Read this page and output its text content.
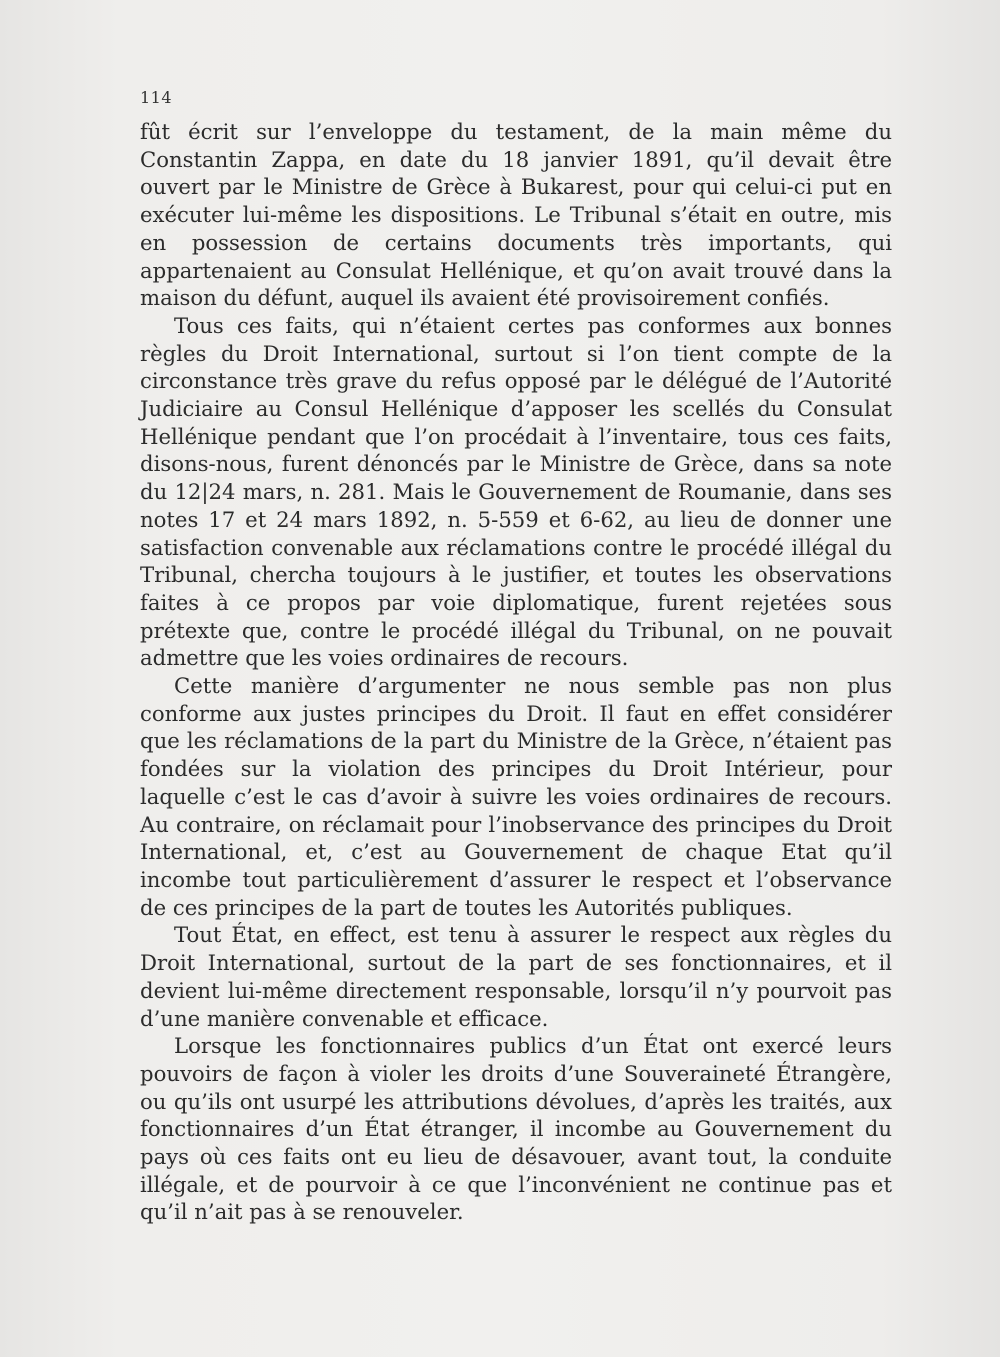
114

fût écrit sur l’enveloppe du testament, de la main même du Constantin Zappa, en date du 18 janvier 1891, qu’il devait être ouvert par le Ministre de Grèce à Bukarest, pour qui celui-ci put en exécuter lui-même les dispositions. Le Tribunal s’était en outre, mis en possession de certains documents très importants, qui appartenaient au Consulat Hellénique, et qu’on avait trouvé dans la maison du défunt, auquel ils avaient été provisoirement confiés.

Tous ces faits, qui n’étaient certes pas conformes aux bonnes règles du Droit International, surtout si l’on tient compte de la circonstance très grave du refus opposé par le délégué de l’Autorité Judiciaire au Consul Hellénique d’apposer les scellés du Consulat Hellénique pendant que l’on procédait à l’inventaire, tous ces faits, disons-nous, furent dénoncés par le Ministre de Grèce, dans sa note du 12|24 mars, n. 281. Mais le Gouvernement de Roumanie, dans ses notes 17 et 24 mars 1892, n. 5-559 et 6-62, au lieu de donner une satisfaction convenable aux réclamations contre le procédé illégal du Tribunal, chercha toujours à le justifier, et toutes les observations faites à ce propos par voie diplomatique, furent rejetées sous prétexte que, contre le procédé illégal du Tribunal, on ne pouvait admettre que les voies ordinaires de recours.

Cette manière d’argumenter ne nous semble pas non plus conforme aux justes principes du Droit. Il faut en effet considérer que les réclamations de la part du Ministre de la Grèce, n’étaient pas fondées sur la violation des principes du Droit Intérieur, pour laquelle c’est le cas d’avoir à suivre les voies ordinaires de recours. Au contraire, on réclamait pour l’inobservance des principes du Droit International, et, c’est au Gouvernement de chaque Etat qu’il incombe tout particulièrement d’assurer le respect et l’observance de ces principes de la part de toutes les Autorités publiques.

Tout État, en effect, est tenu à assurer le respect aux règles du Droit International, surtout de la part de ses fonctionnaires, et il devient lui-même directement responsable, lorsqu’il n’y pourvoit pas d’une manière convenable et efficace.

Lorsque les fonctionnaires publics d’un État ont exercé leurs pouvoirs de façon à violer les droits d’une Souveraineté Étrangère, ou qu’ils ont usurpé les attributions dévolues, d’après les traités, aux fonctionnaires d’un État étranger, il incombe au Gouvernement du pays où ces faits ont eu lieu de désavouer, avant tout, la conduite illégale, et de pourvoir à ce que l’inconvénient ne continue pas et qu’il n’ait pas à se renouveler.
